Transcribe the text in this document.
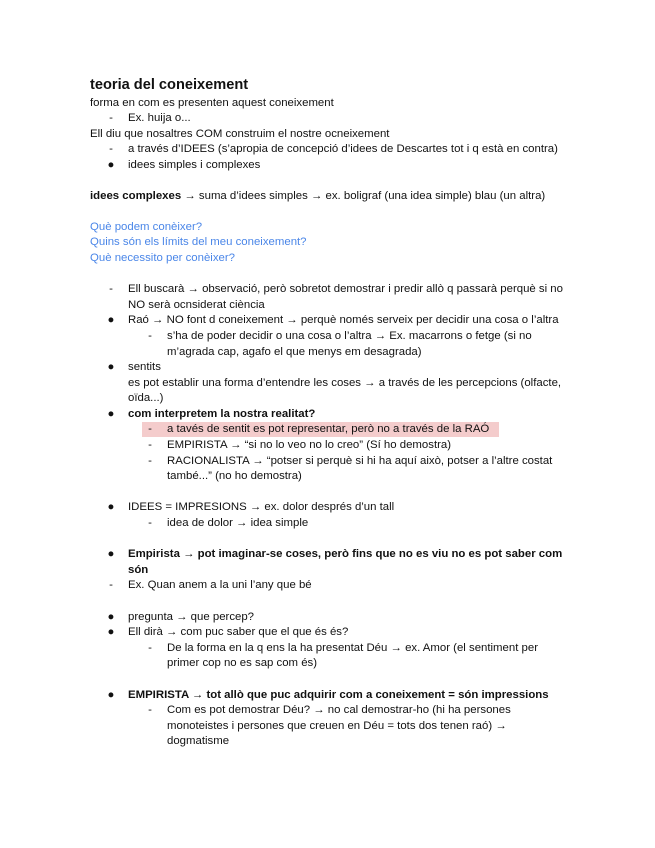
teoria del coneixement
forma en com es presenten aquest coneixement
- Ex. huija o...
Ell diu que nosaltres COM construim el nostre ocneixement
- a través d’IDEES (s’apropia de concepció d’idees de Descartes tot i q està en contra)
● idees simples i complexes
idees complexes → suma d’idees simples → ex. boligraf (una idea simple) blau (un altra)
Què podem conèixer?
Quins són els límits del meu coneixement?
Què necessito per conèixer?
- Ell buscarà → observació, però sobretot demostrar i predir allò q passarà perquè si no
NO serà ocnsiderat ciència
● Raó → NO font d coneixement → perquè només serveix per decidir una cosa o l’altra
- s’ha de poder decidir o una cosa o l’altra → Ex. macarrons o fetge (si no
m’agrada cap, agafo el que menys em desagrada)
● sentits
es pot establir una forma d’entendre les coses → a través de les percepcions (olfacte,
oïda...)
● com interpretem la nostra realitat?
- a tavés de sentit es pot representar, però no a través de la RAÓ
- EMPIRISTA → “si no lo veo no lo creo” (Sí ho demostra)
- RACIONALISTA → “potser si perquè si hi ha aquí això, potser a l’altre costat
també...” (no ho demostra)
● IDEES = IMPRESIONS → ex. dolor després d’un tall
- idea de dolor → idea simple
● Empirista → pot imaginar-se coses, però fins que no es viu no es pot saber com
són
- Ex. Quan anem a la uni l’any que bé
● pregunta → que percep?
● Ell dirà → com puc saber que el que és és?
- De la forma en la q ens la ha presentat Déu → ex. Amor (el sentiment per
primer cop no es sap com és)
● EMPIRISTA → tot allò que puc adquirir com a coneixement = són impressions
- Com es pot demostrar Déu? → no cal demostrar-ho (hi ha persones
monoteistes i persones que creuen en Déu = tots dos tenen raó) →
dogmatisme
